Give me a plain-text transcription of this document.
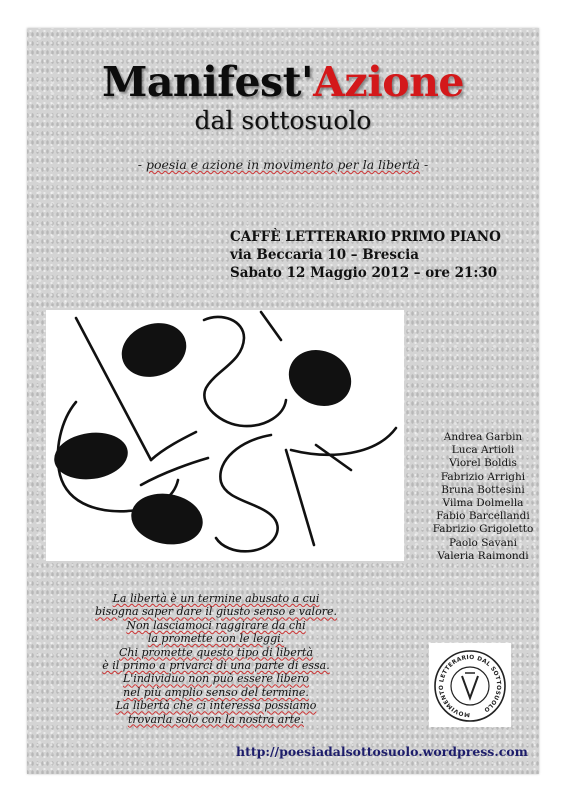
Manifest'Azione
dal sottosuolo
- poesia e azione in movimento per la libertà -
CAFFÈ LETTERARIO PRIMO PIANO
via Beccaria 10 – Brescia
Sabato 12 Maggio 2012 – ore 21:30
Andrea Garbin
Luca Artioli
Viorel Boldis
Fabrizio Arrighi
Bruna Bottesini
Vilma Dolmella
Fabio Barcellandi
Fabrizio Grigoletto
Paolo Savani
Valeria Raimondi
La libertà è un termine abusato a cui
bisogna saper dare il giusto senso e valore.
Non lasciamoci raggirare da chi
la promette con le leggi.
Chi promette questo tipo di libertà
è il primo a privarci di una parte di essa.
L'individuo non può essere libero
nel più amplio senso del termine.
La libertà che ci interessa possiamo
trovarla solo con la nostra arte.	MOVIMENTO LETTERARIO DAL SOTTOSUOLO
http://poesiadalsottosuolo.wordpress.com
